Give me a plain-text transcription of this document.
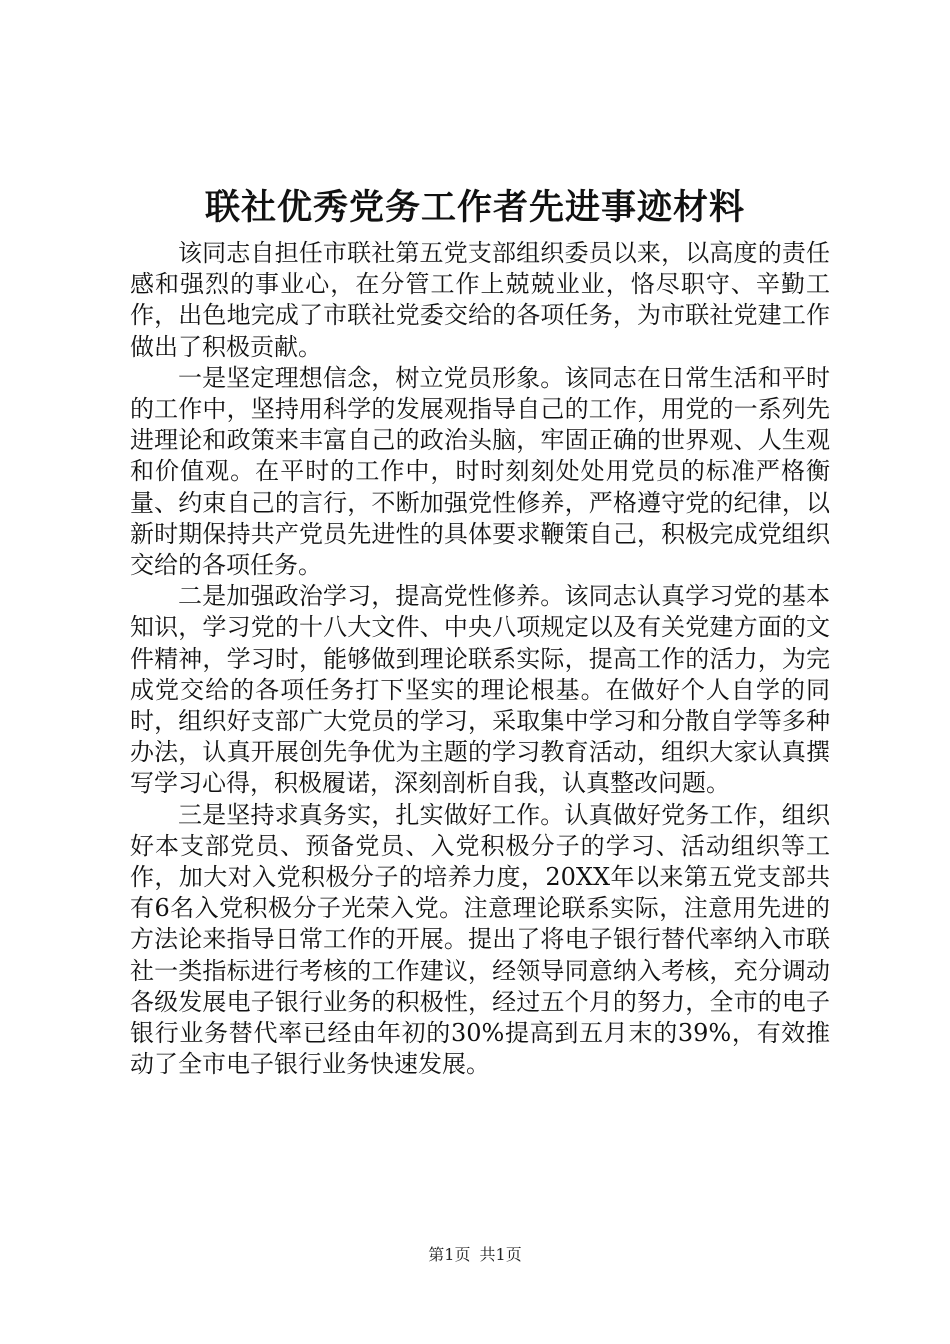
联社优秀党务工作者先进事迹材料

该同志自担任市联社第五党支部组织委员以来，以高度的责任感和强烈的事业心，在分管工作上兢兢业业，恪尽职守、辛勤工作，出色地完成了市联社党委交给的各项任务，为市联社党建工作做出了积极贡献。

一是坚定理想信念，树立党员形象。该同志在日常生活和平时的工作中，坚持用科学的发展观指导自己的工作，用党的一系列先进理论和政策来丰富自己的政治头脑，牢固正确的世界观、人生观和价值观。在平时的工作中，时时刻刻处处用党员的标准严格衡量、约束自己的言行，不断加强党性修养，严格遵守党的纪律，以新时期保持共产党员先进性的具体要求鞭策自己，积极完成党组织交给的各项任务。

二是加强政治学习，提高党性修养。该同志认真学习党的基本知识，学习党的十八大文件、中央八项规定以及有关党建方面的文件精神，学习时，能够做到理论联系实际，提高工作的活力，为完成党交给的各项任务打下坚实的理论根基。在做好个人自学的同时，组织好支部广大党员的学习，采取集中学习和分散自学等多种办法，认真开展创先争优为主题的学习教育活动，组织大家认真撰写学习心得，积极履诺，深刻剖析自我，认真整改问题。

三是坚持求真务实，扎实做好工作。认真做好党务工作，组织好本支部党员、预备党员、入党积极分子的学习、活动组织等工作，加大对入党积极分子的培养力度，20XX年以来第五党支部共有6名入党积极分子光荣入党。注意理论联系实际，注意用先进的方法论来指导日常工作的开展。提出了将电子银行替代率纳入市联社一类指标进行考核的工作建议，经领导同意纳入考核，充分调动各级发展电子银行业务的积极性，经过五个月的努力，全市的电子银行业务替代率已经由年初的30%提高到五月末的39%，有效推动了全市电子银行业务快速发展。

第1页 共1页
